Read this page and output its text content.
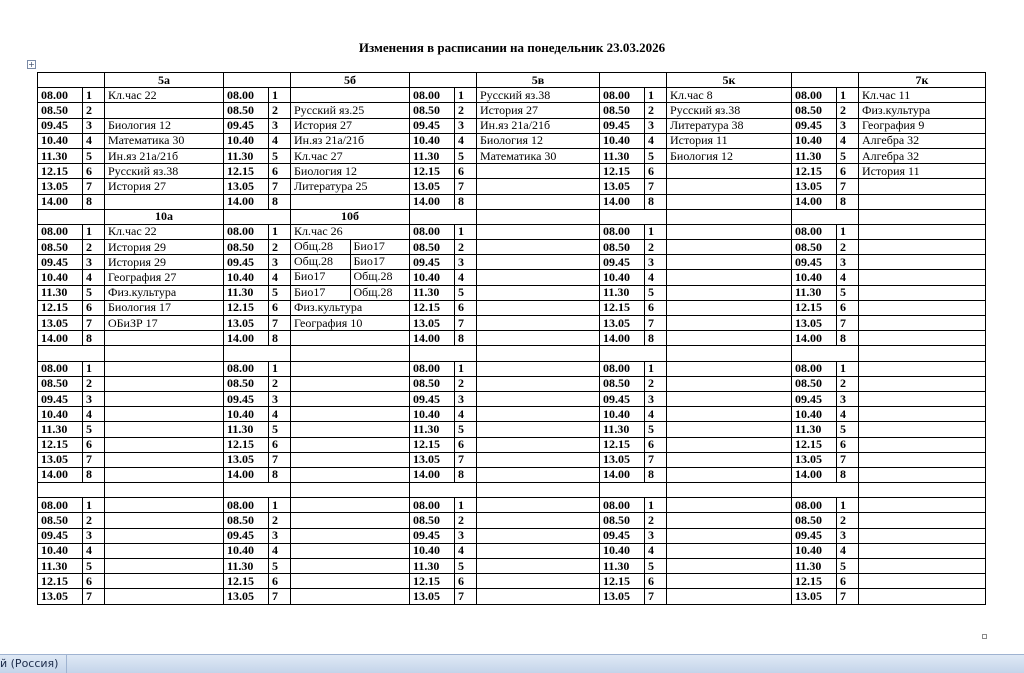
Изменения в расписании на понедельник 23.03.2026
+
		5а			5б			5в			5к			7к
08.00	1	Кл.час 22	08.00	1		08.00	1	Русский яз.38	08.00	1	Кл.час 8	08.00	1	Кл.час 11
08.50	2		08.50	2	Русский яз.25	08.50	2	История 27	08.50	2	Русский яз.38	08.50	2	Физ.культура
09.45	3	Биология 12	09.45	3	История 27	09.45	3	Ин.яз 21а/21б	09.45	3	Литература 38	09.45	3	География 9
10.40	4	Математика 30	10.40	4	Ин.яз 21а/21б	10.40	4	Биология 12	10.40	4	История 11	10.40	4	Алгебра 32
11.30	5	Ин.яз 21а/21б	11.30	5	Кл.час 27	11.30	5	Математика 30	11.30	5	Биология 12	11.30	5	Алгебра 32
12.15	6	Русский яз.38	12.15	6	Биология 12	12.15	6		12.15	6		12.15	6	История 11
13.05	7	История 27	13.05	7	Литература 25	13.05	7		13.05	7		13.05	7	
14.00	8		14.00	8		14.00	8		14.00	8		14.00	8	
		10а			10б									
08.00	1	Кл.час 22	08.00	1	Кл.час 26	08.00	1		08.00	1		08.00	1	
08.50	2	История 29	08.50	2	Общ.28 Био17	08.50	2		08.50	2		08.50	2	
09.45	3	История 29	09.45	3	Общ.28 Био17	09.45	3		09.45	3		09.45	3	
10.40	4	География 27	10.40	4	Био17 Общ.28	10.40	4		10.40	4		10.40	4	
11.30	5	Физ.культура	11.30	5	Био17 Общ.28	11.30	5		11.30	5		11.30	5	
12.15	6	Биология 17	12.15	6	Физ.культура	12.15	6		12.15	6		12.15	6	
13.05	7	ОБиЗР 17	13.05	7	География 10	13.05	7		13.05	7		13.05	7	
14.00	8		14.00	8		14.00	8		14.00	8		14.00	8	

08.00	1		08.00	1		08.00	1		08.00	1		08.00	1	
08.50	2		08.50	2		08.50	2		08.50	2		08.50	2	
09.45	3		09.45	3		09.45	3		09.45	3		09.45	3	
10.40	4		10.40	4		10.40	4		10.40	4		10.40	4	
11.30	5		11.30	5		11.30	5		11.30	5		11.30	5	
12.15	6		12.15	6		12.15	6		12.15	6		12.15	6	
13.05	7		13.05	7		13.05	7		13.05	7		13.05	7	
14.00	8		14.00	8		14.00	8		14.00	8		14.00	8	

08.00	1		08.00	1		08.00	1		08.00	1		08.00	1	
08.50	2		08.50	2		08.50	2		08.50	2		08.50	2	
09.45	3		09.45	3		09.45	3		09.45	3		09.45	3	
10.40	4		10.40	4		10.40	4		10.40	4		10.40	4	
11.30	5		11.30	5		11.30	5		11.30	5		11.30	5	
12.15	6		12.15	6		12.15	6		12.15	6		12.15	6	
13.05	7		13.05	7		13.05	7		13.05	7		13.05	7	
й (Россия)
